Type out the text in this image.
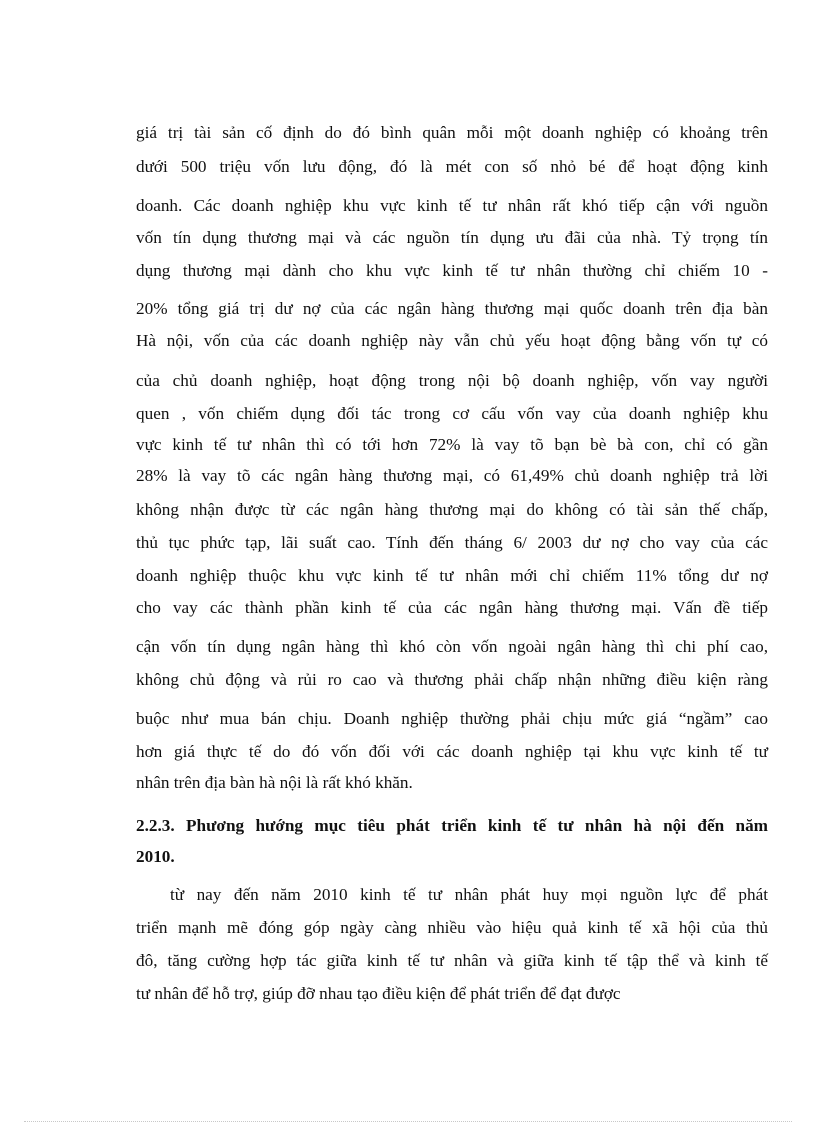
giá trị tài sản cố định do đó bình quân mỗi một doanh nghiệp có khoảng trên
dưới 500 triệu vốn lưu động, đó là mét con số nhỏ bé để hoạt động kinh
doanh. Các doanh nghiệp khu vực kinh tế tư nhân rất khó tiếp cận với nguồn
vốn tín dụng thương mại và các nguồn tín dụng ưu đãi của nhà. Tỷ trọng tín
dụng thương mại dành cho khu vực kinh tế tư nhân thường chỉ chiếm 10 -
20% tổng giá trị dư nợ của các ngân hàng thương mại quốc doanh trên địa bàn
Hà nội, vốn của các doanh nghiệp này vẫn chủ yếu hoạt động bằng vốn tự có
của chủ doanh nghiệp, hoạt động trong nội bộ doanh nghiệp, vốn vay người
quen , vốn chiếm dụng đối tác trong cơ cấu vốn vay của doanh nghiệp khu
vực kinh tế tư nhân thì có tới hơn 72% là vay tõ bạn bè bà con, chỉ có gần
28% là vay tõ các ngân hàng thương mại, có 61,49% chủ doanh nghiệp trả lời
không nhận được từ các ngân hàng thương mại do không có tài sản thế chấp,
thủ tục phức tạp, lãi suất cao. Tính đến tháng 6/ 2003 dư nợ cho vay của các
doanh nghiệp thuộc khu vực kinh tế tư nhân mới chỉ chiếm 11% tổng dư nợ
cho vay các thành phần kinh tế của các ngân hàng thương mại. Vấn đề tiếp
cận vốn tín dụng ngân hàng thì khó còn vốn ngoài ngân hàng thì chi phí cao,
không chủ động và rủi ro cao và thương phải chấp nhận những điều kiện ràng
buộc như mua bán chịu. Doanh nghiệp thường phải chịu mức giá “ngầm” cao
hơn giá thực tế do đó vốn đối với các doanh nghiệp tại khu vực kinh tế tư
nhân trên địa bàn hà nội là rất khó khăn.
2.2.3. Phương hướng mục tiêu phát triển kinh tế tư nhân hà nội đến năm
2010.
từ nay đến năm 2010 kinh tế tư nhân phát huy mọi nguồn lực để phát
triển mạnh mẽ đóng góp ngày càng nhiều vào hiệu quả kinh tế xã hội của thủ
đô, tăng cường hợp tác giữa kinh tế tư nhân và giữa kinh tế tập thể và kinh tế
tư nhân để hỗ trợ, giúp đỡ nhau tạo điều kiện để phát triển để đạt được
